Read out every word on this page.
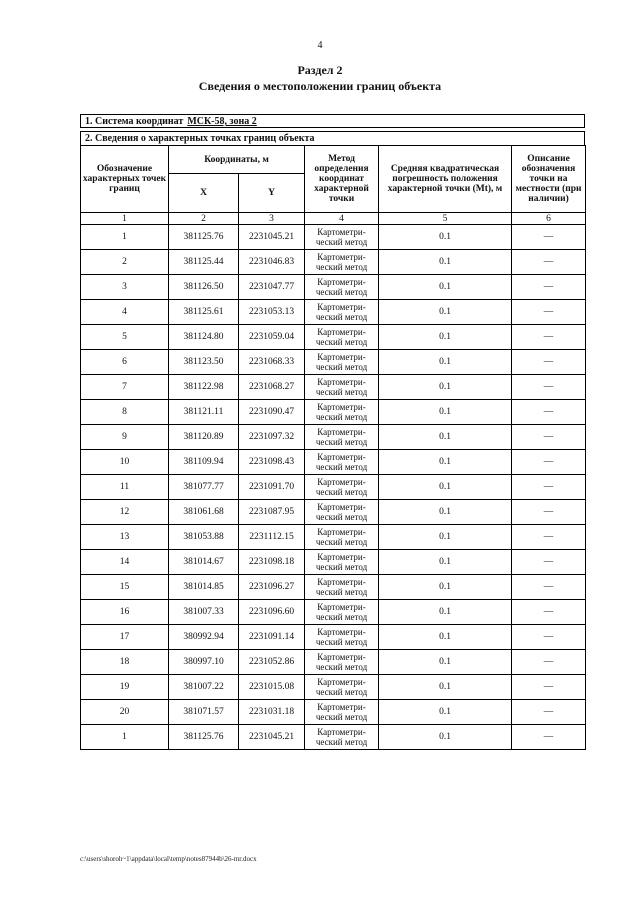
4
Раздел 2
Сведения о местоположении границ объекта
1. Система координат МСК-58, зона 2
2. Сведения о характерных точках границ объекта
Обозначение характерных точек границ	Координаты, м		Метод определения координат характерной точки	Средняя квадратическая погрешность положения характерной точки (Mt), м	Описание обозначения точки на местности (при наличии)
	X	Y			
1	2	3	4	5	6
1	381125.76	2231045.21	Картометри-ческий метод	0.1	—
2	381125.44	2231046.83	Картометри-ческий метод	0.1	—
3	381126.50	2231047.77	Картометри-ческий метод	0.1	—
4	381125.61	2231053.13	Картометри-ческий метод	0.1	—
5	381124.80	2231059.04	Картометри-ческий метод	0.1	—
6	381123.50	2231068.33	Картометри-ческий метод	0.1	—
7	381122.98	2231068.27	Картометри-ческий метод	0.1	—
8	381121.11	2231090.47	Картометри-ческий метод	0.1	—
9	381120.89	2231097.32	Картометри-ческий метод	0.1	—
10	381109.94	2231098.43	Картометри-ческий метод	0.1	—
11	381077.77	2231091.70	Картометри-ческий метод	0.1	—
12	381061.68	2231087.95	Картометри-ческий метод	0.1	—
13	381053.88	2231112.15	Картометри-ческий метод	0.1	—
14	381014.67	2231098.18	Картометри-ческий метод	0.1	—
15	381014.85	2231096.27	Картометри-ческий метод	0.1	—
16	381007.33	2231096.60	Картометри-ческий метод	0.1	—
17	380992.94	2231091.14	Картометри-ческий метод	0.1	—
18	380997.10	2231052.86	Картометри-ческий метод	0.1	—
19	381007.22	2231015.08	Картометри-ческий метод	0.1	—
20	381071.57	2231031.18	Картометри-ческий метод	0.1	—
1	381125.76	2231045.21	Картометри-ческий метод	0.1	—
c:\users\shoroh~1\appdata\local\temp\notes87944b\26-mr.docx
